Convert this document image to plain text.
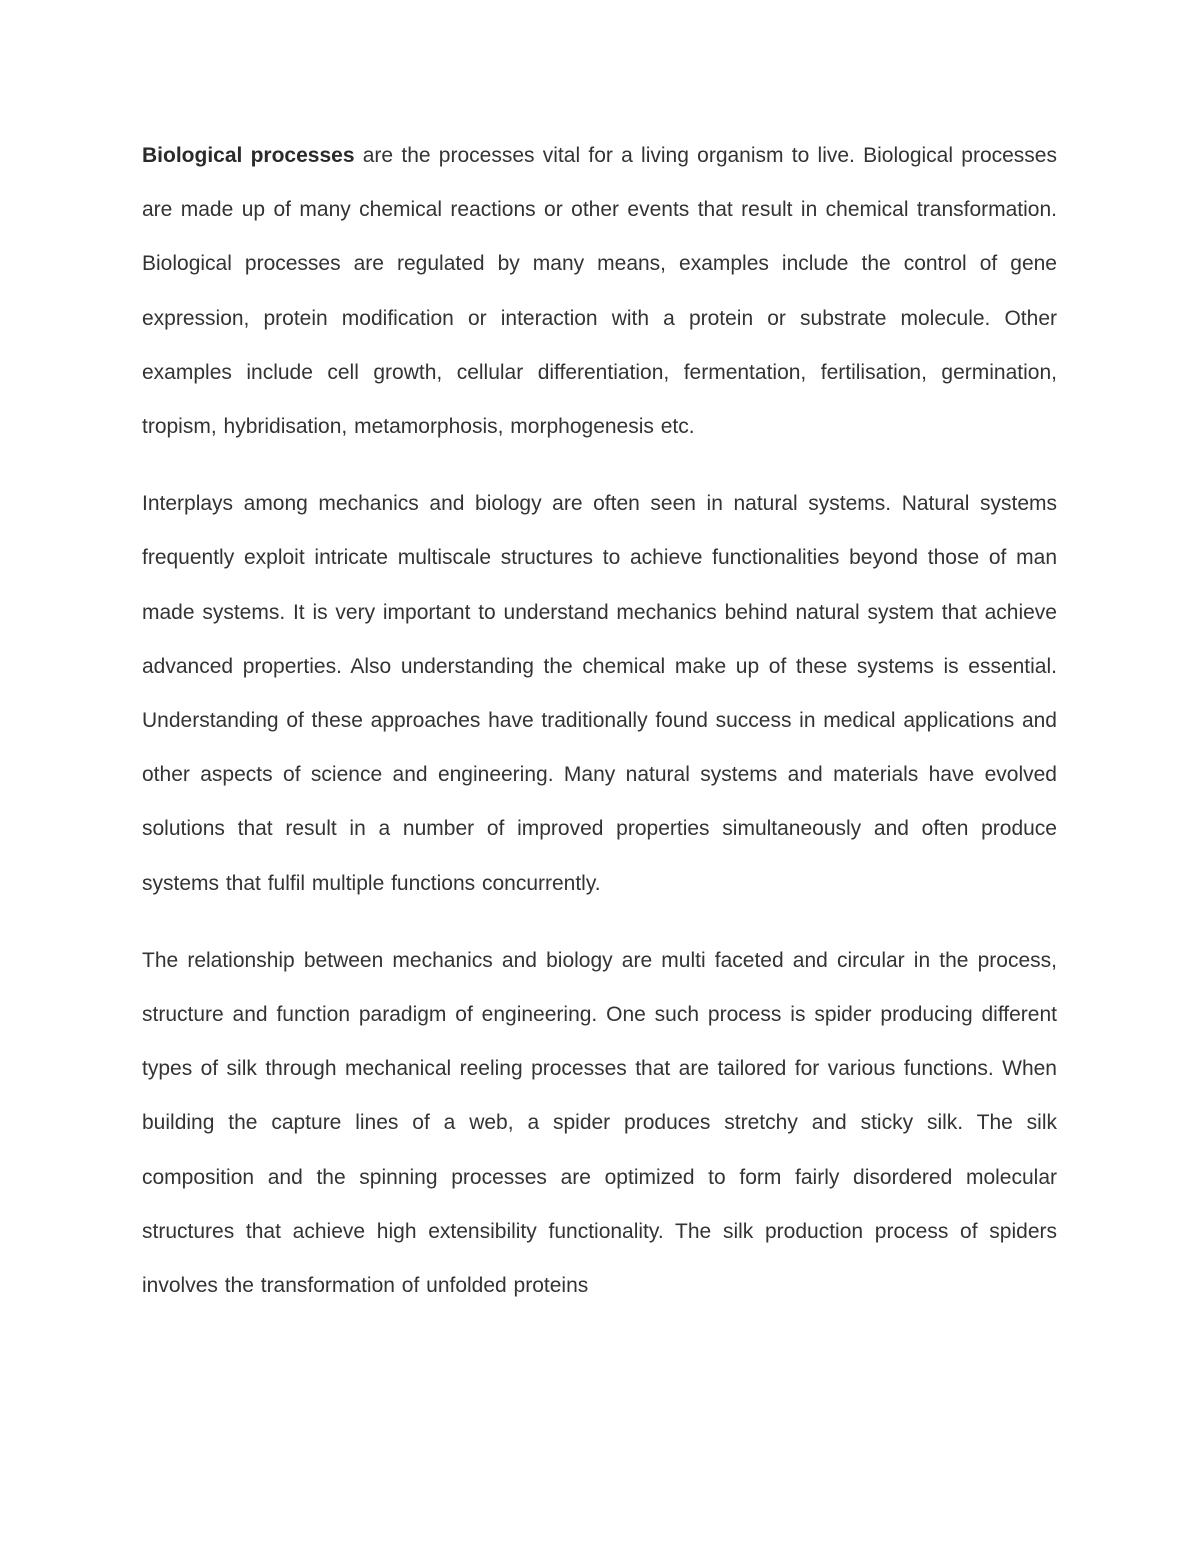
Biological processes are the processes vital for a living organism to live. Biological processes are made up of many chemical reactions or other events that result in chemical transformation. Biological processes are regulated by many means, examples include the control of gene expression, protein modification or interaction with a protein or substrate molecule. Other examples include cell growth, cellular differentiation, fermentation, fertilisation, germination, tropism, hybridisation, metamorphosis, morphogenesis etc.

Interplays among mechanics and biology are often seen in natural systems. Natural systems frequently exploit intricate multiscale structures to achieve functionalities beyond those of man made systems. It is very important to understand mechanics behind natural system that achieve advanced properties. Also understanding the chemical make up of these systems is essential. Understanding of these approaches have traditionally found success in medical applications and other aspects of science and engineering. Many natural systems and materials have evolved solutions that result in a number of improved properties simultaneously and often produce systems that fulfil multiple functions concurrently.

The relationship between mechanics and biology are multi faceted and circular in the process, structure and function paradigm of engineering. One such process is spider producing different types of silk through mechanical reeling processes that are tailored for various functions. When building the capture lines of a web, a spider produces stretchy and sticky silk. The silk composition and the spinning processes are optimized to form fairly disordered molecular structures that achieve high extensibility functionality. The silk production process of spiders involves the transformation of unfolded proteins
